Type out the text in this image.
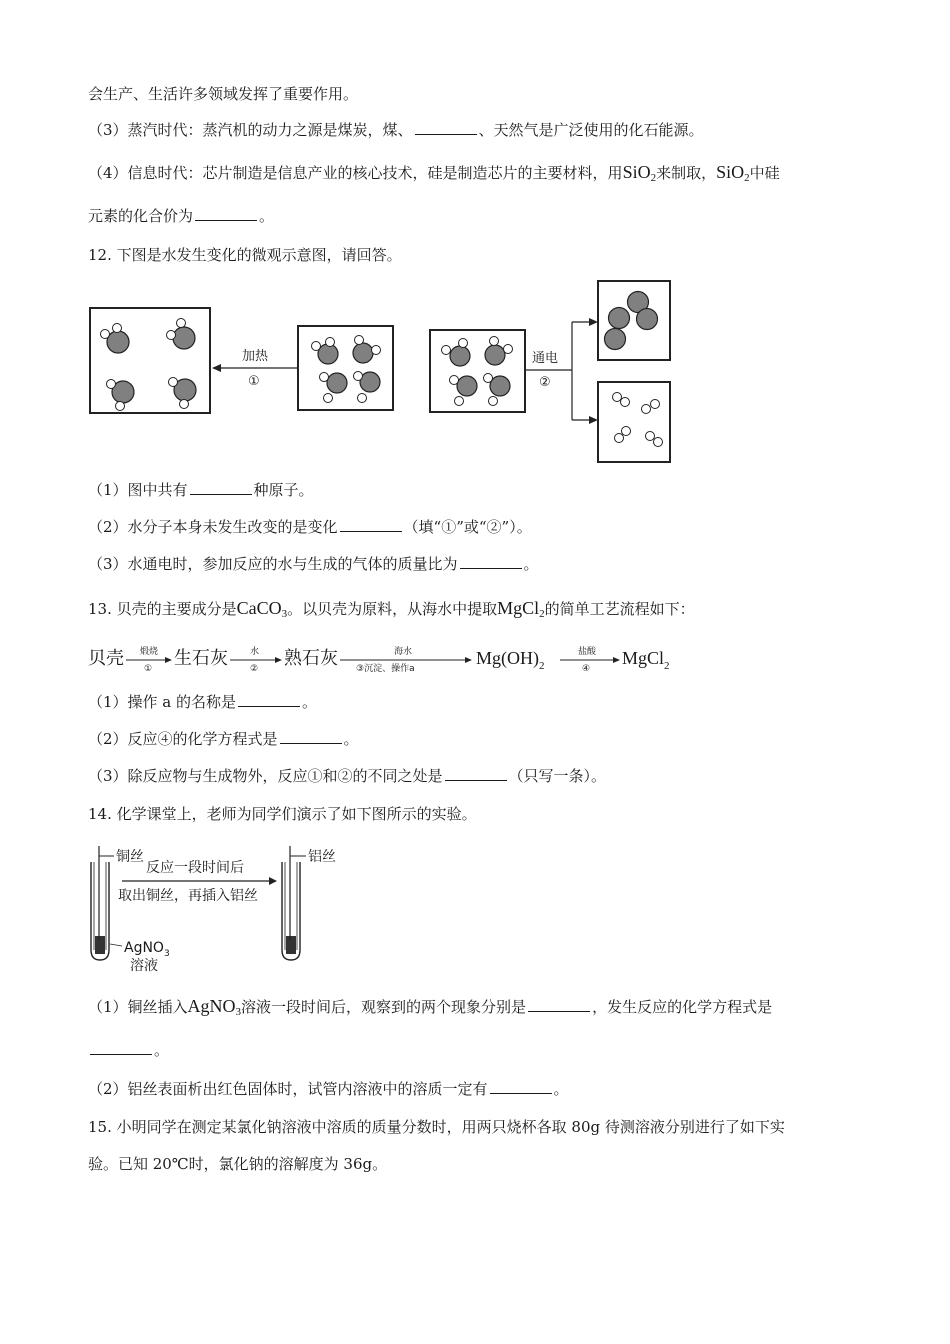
会生产、生活许多领域发挥了重要作用。
（3）蒸汽时代：蒸汽机的动力之源是煤炭，煤、	、天然气是广泛使用的化石能源。
（4）信息时代：芯片制造是信息产业的核心技术，硅是制造芯片的主要材料，用SiO$_2$来制取，SiO$_2$中硅
元素的化合价为	。
12. 下图是水发生变化的微观示意图，请回答。
加热
①
通电
②
（1）图中共有	种原子。
（2）水分子本身未发生改变的是变化	（填“①”或“②”）。
（3）水通电时，参加反应的水与生成的气体的质量比为	。
13. 贝壳的主要成分是CaCO$_3$。以贝壳为原料，从海水中提取MgCl$_2$的简单工艺流程如下：
贝壳 煅烧
① 生石灰 水
② 熟石灰	海水
③沉淀、操作a
$Mg(OH)_2$
盐酸
④
MgCl$_2$
（1）操作 a 的名称是	。
（2）反应④的化学方程式是	。
（3）除反应物与生成物外，反应①和②的不同之处是	（只写一条）。
14. 化学课堂上，老师为同学们演示了如下图所示的实验。
铜丝
AgNO$_3$
溶液
反应一段时间后
取出铜丝，再插入铝丝
铝丝
（1）铜丝插入AgNO$_3$溶液一段时间后，观察到的两个现象分别是	，发生反应的化学方程式是
。
（2）铝丝表面析出红色固体时，试管内溶液中的溶质一定有	。
15. 小明同学在测定某氯化钠溶液中溶质的质量分数时，用两只烧杯各取 80g 待测溶液分别进行了如下实
验。已知 20℃时，氯化钠的溶解度为 36g。
